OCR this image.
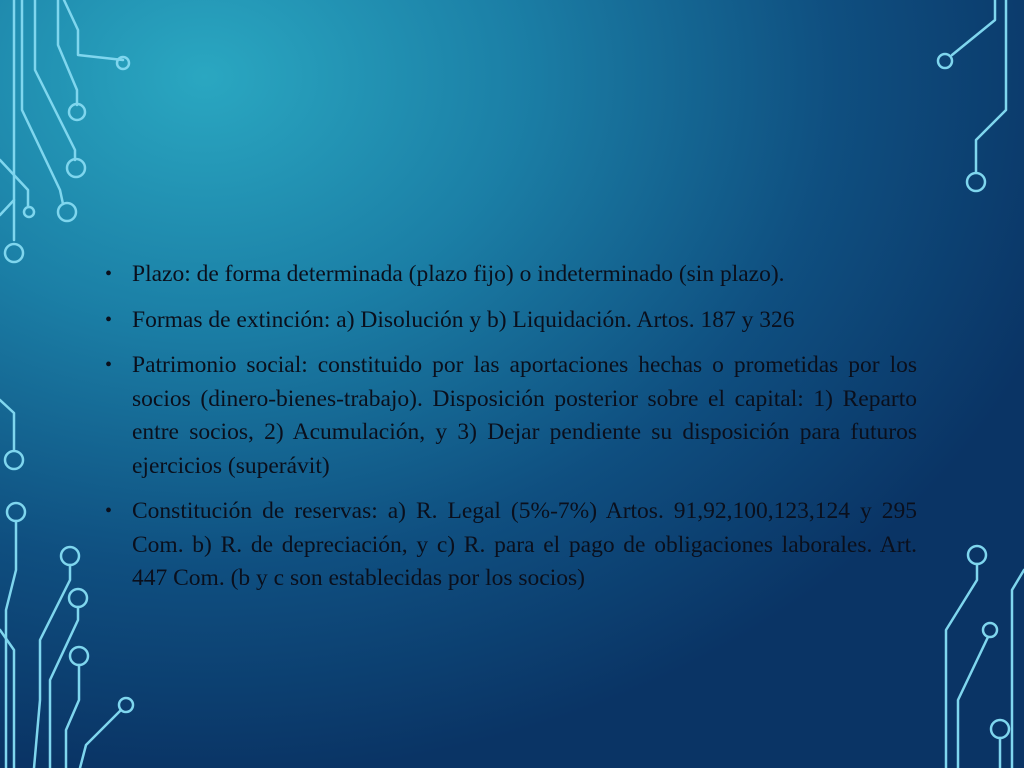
• Plazo: de forma determinada (plazo fijo) o indeterminado (sin plazo).
• Formas de extinción: a) Disolución y b) Liquidación. Artos. 187 y 326
• Patrimonio social: constituido por las aportaciones hechas o prometidas por los socios (dinero-bienes-trabajo). Disposición posterior sobre el capital: 1) Reparto entre socios, 2) Acumulación, y 3) Dejar pendiente su disposición para futuros ejercicios (superávit)
• Constitución de reservas: a) R. Legal (5%-7%) Artos. 91,92,100,123,124 y 295 Com. b) R. de depreciación, y c) R. para el pago de obligaciones laborales. Art. 447 Com. (b y c son establecidas por los socios)
